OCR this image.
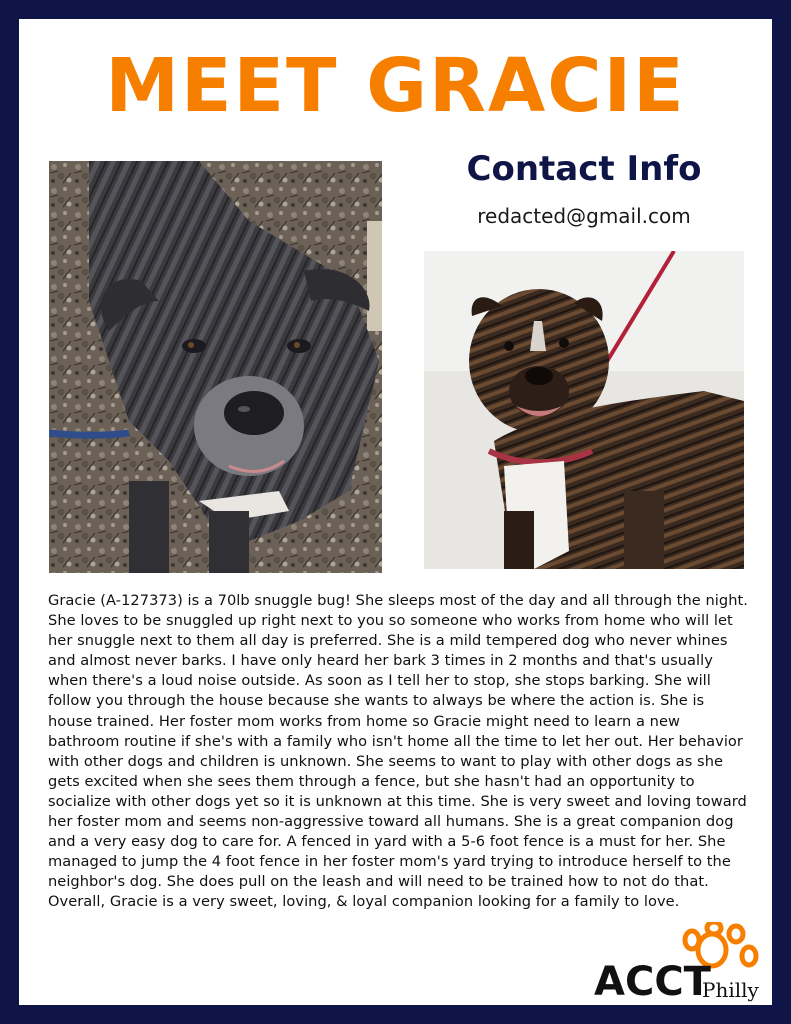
MEET GRACIE
Contact Info
redacted@gmail.com
Gracie (A-127373) is a 70lb snuggle bug! She sleeps most of the day and all through the night. She loves to be snuggled up right next to you so someone who works from home who will let her snuggle next to them all day is preferred. She is a mild tempered dog who never whines and almost never barks. I have only heard her bark 3 times in 2 months and that's usually when there's a loud noise outside. As soon as I tell her to stop, she stops barking. She will follow you through the house because she wants to always be where the action is. She is house trained. Her foster mom works from home so Gracie might need to learn a new bathroom routine if she's with a family who isn't home all the time to let her out. Her behavior with other dogs and children is unknown. She seems to want to play with other dogs as she gets excited when she sees them through a fence, but she hasn't had an opportunity to socialize with other dogs yet so it is unknown at this time. She is very sweet and loving toward her foster mom and seems non-aggressive toward all humans. She is a great companion dog and a very easy dog to care for. A fenced in yard with a 5-6 foot fence is a must for her. She managed to jump the 4 foot fence in her foster mom's yard trying to introduce herself to the neighbor's dog. She does pull on the leash and will need to be trained how to not do that. Overall, Gracie is a very sweet, loving, & loyal companion looking for a family to love.
ACCT
Philly
